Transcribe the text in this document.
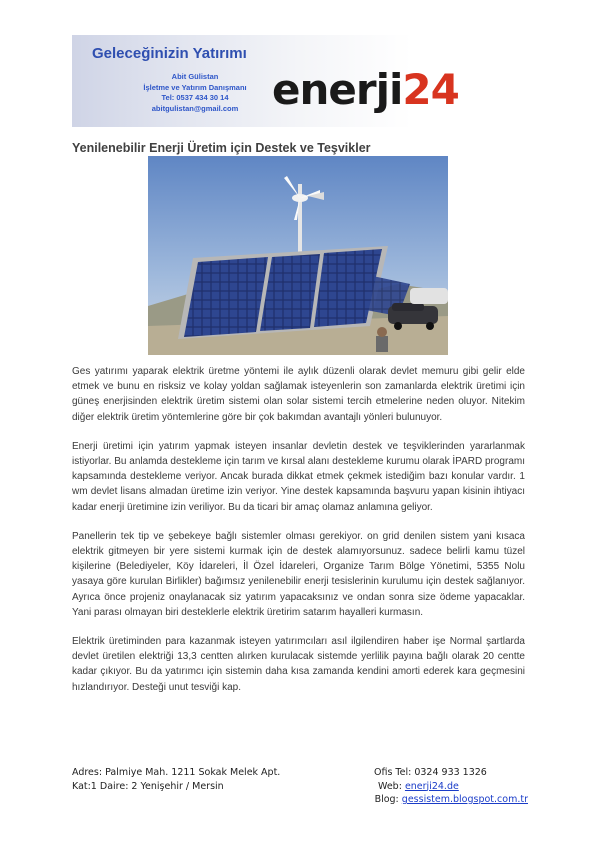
Geleceğinizin Yatırımı
Abit Gülistan
İşletme ve Yatırım Danışmanı
Tel: 0537 434 30 14
abitgulistan@gmail.com enerji24
Yenilenebilir Enerji Üretim için Destek ve Teşvikler

Ges yatırımı yaparak elektrik üretme yöntemi ile aylık düzenli olarak devlet memuru gibi gelir elde etmek ve bunu en risksiz ve kolay yoldan sağlamak isteyenlerin son zamanlarda elektrik üretimi için güneş enerjisinden elektrik üretim sistemi olan solar sistemi tercih etmelerine neden oluyor. Nitekim diğer elektrik üretim yöntemlerine göre bir çok bakımdan avantajlı yönleri bulunuyor.

Enerji üretimi için yatırım yapmak isteyen insanlar devletin destek ve teşviklerinden yararlanmak istiyorlar. Bu anlamda destekleme için tarım ve kırsal alanı destekleme kurumu olarak İPARD programı kapsamında destekleme veriyor. Ancak burada dikkat etmek çekmek istediğim bazı konular vardır. 1 wm devlet lisans almadan üretime izin veriyor. Yine destek kapsamında başvuru yapan kisinin ihtiyacı kadar enerji üretimine izin veriliyor. Bu da ticari bir amaç olamaz anlamına geliyor.

Panellerin tek tip ve şebekeye bağlı sistemler olması gerekiyor. on grid denilen sistem yani kısaca elektrik gitmeyen bir yere sistemi kurmak için de destek alamıyorsunuz. sadece belirli kamu tüzel kişilerine (Belediyeler, Köy İdareleri, İl Özel İdareleri, Organize Tarım Bölge Yönetimi, 5355 Nolu yasaya göre kurulan Birlikler) bağımsız yenilenebilir enerji tesislerinin kurulumu için destek sağlanıyor. Ayrıca önce projeniz onaylanacak siz yatırım yapacaksınız ve ondan sonra size ödeme yapacaklar. Yani parası olmayan biri desteklerle elektrik üretirim satarım hayalleri kurmasın.

Elektrik üretiminden para kazanmak isteyen yatırımcıları asıl ilgilendiren haber işe Normal şartlarda devlet üretilen elektriği 13,3 centten alırken kurulacak sistemde yerlilik payına bağlı olarak 20 centte kadar çıkıyor. Bu da yatırımcı için sistemin daha kısa zamanda kendini amorti ederek kara geçmesini hızlandırıyor. Desteği unut tesviği kap.

Adres: Palmiye Mah. 1211 Sokak Melek Apt.	Ofis Tel: 0324 933 1326
Kat:1 Daire: 2 Yenişehir / Mersin	Web: enerji24.de
Blog: gessistem.blogspot.com.tr
